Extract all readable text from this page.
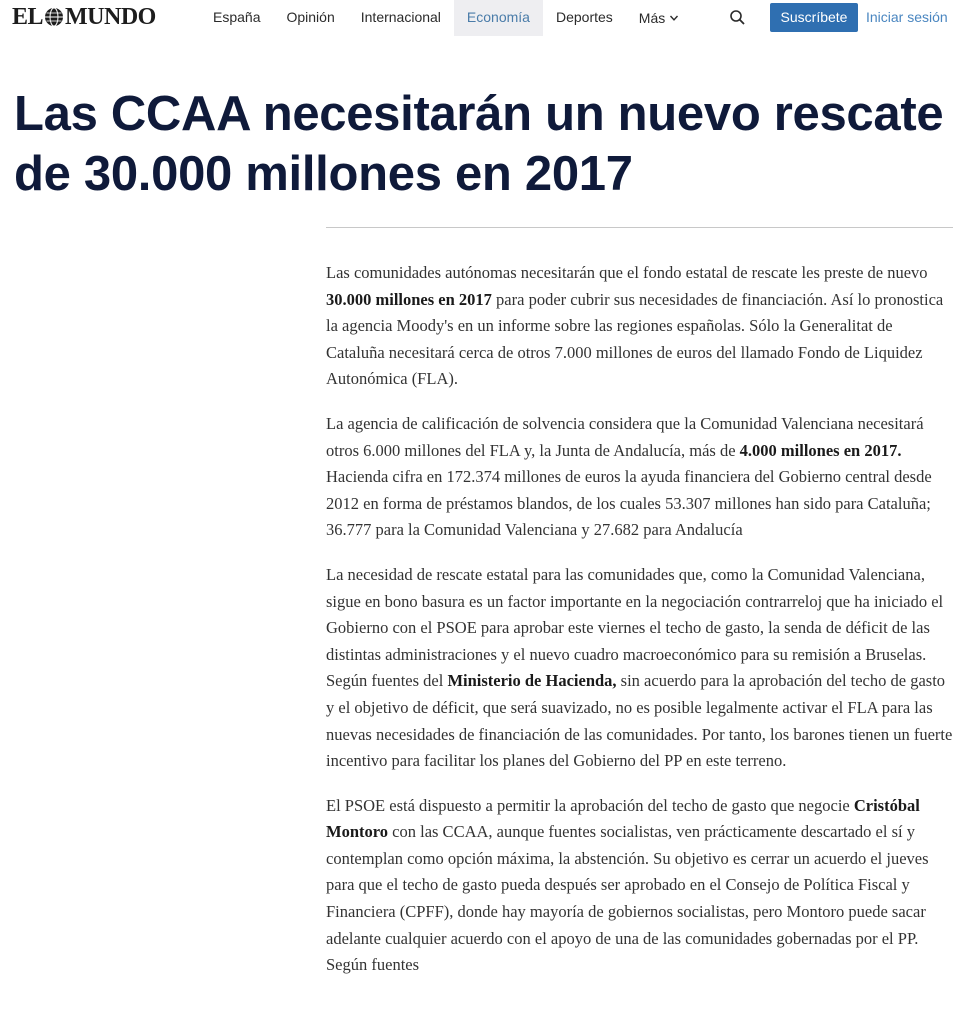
EL MUNDO	España	Opinión	Internacional	Economía	Deportes	Más	Suscríbete	Iniciar sesión
Las CCAA necesitarán un nuevo rescate de 30.000 millones en 2017

Las comunidades autónomas necesitarán que el fondo estatal de rescate les preste de nuevo 30.000 millones en 2017 para poder cubrir sus necesidades de financiación. Así lo pronostica la agencia Moody's en un informe sobre las regiones españolas. Sólo la Generalitat de Cataluña necesitará cerca de otros 7.000 millones de euros del llamado Fondo de Liquidez Autonómica (FLA).

La agencia de calificación de solvencia considera que la Comunidad Valenciana necesitará otros 6.000 millones del FLA y, la Junta de Andalucía, más de 4.000 millones en 2017. Hacienda cifra en 172.374 millones de euros la ayuda financiera del Gobierno central desde 2012 en forma de préstamos blandos, de los cuales 53.307 millones han sido para Cataluña; 36.777 para la Comunidad Valenciana y 27.682 para Andalucía

La necesidad de rescate estatal para las comunidades que, como la Comunidad Valenciana, sigue en bono basura es un factor importante en la negociación contrarreloj que ha iniciado el Gobierno con el PSOE para aprobar este viernes el techo de gasto, la senda de déficit de las distintas administraciones y el nuevo cuadro macroeconómico para su remisión a Bruselas. Según fuentes del Ministerio de Hacienda, sin acuerdo para la aprobación del techo de gasto y el objetivo de déficit, que será suavizado, no es posible legalmente activar el FLA para las nuevas necesidades de financiación de las comunidades. Por tanto, los barones tienen un fuerte incentivo para facilitar los planes del Gobierno del PP en este terreno.

El PSOE está dispuesto a permitir la aprobación del techo de gasto que negocie Cristóbal Montoro con las CCAA, aunque fuentes socialistas, ven prácticamente descartado el sí y contemplan como opción máxima, la abstención. Su objetivo es cerrar un acuerdo el jueves para que el techo de gasto pueda después ser aprobado en el Consejo de Política Fiscal y Financiera (CPFF), donde hay mayoría de gobiernos socialistas, pero Montoro puede sacar adelante cualquier acuerdo con el apoyo de una de las comunidades gobernadas por el PP. Según fuentes
